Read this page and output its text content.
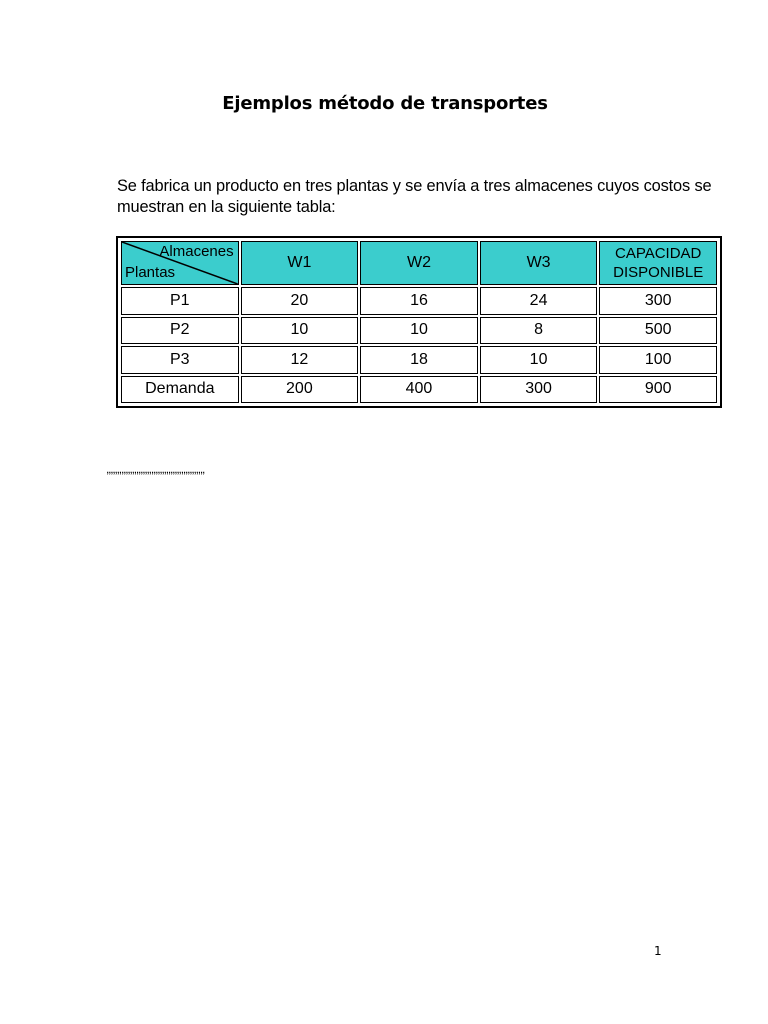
Ejemplos método de transportes
Se fabrica un producto en tres plantas y se envía a tres almacenes cuyos costos se muestran en la siguiente tabla:
Almacenes
Plantas	W1	W2	W3	CAPACIDAD
DISPONIBLE
P1	20	16	24	300
P2	10	10	8	500
P3	12	18	10	100
Demanda	200	400	300	900
,,,,,,,,,,,,,,,,,,,,,,,,,,,,,,,,,,,,,,,,,,,,,,
1
